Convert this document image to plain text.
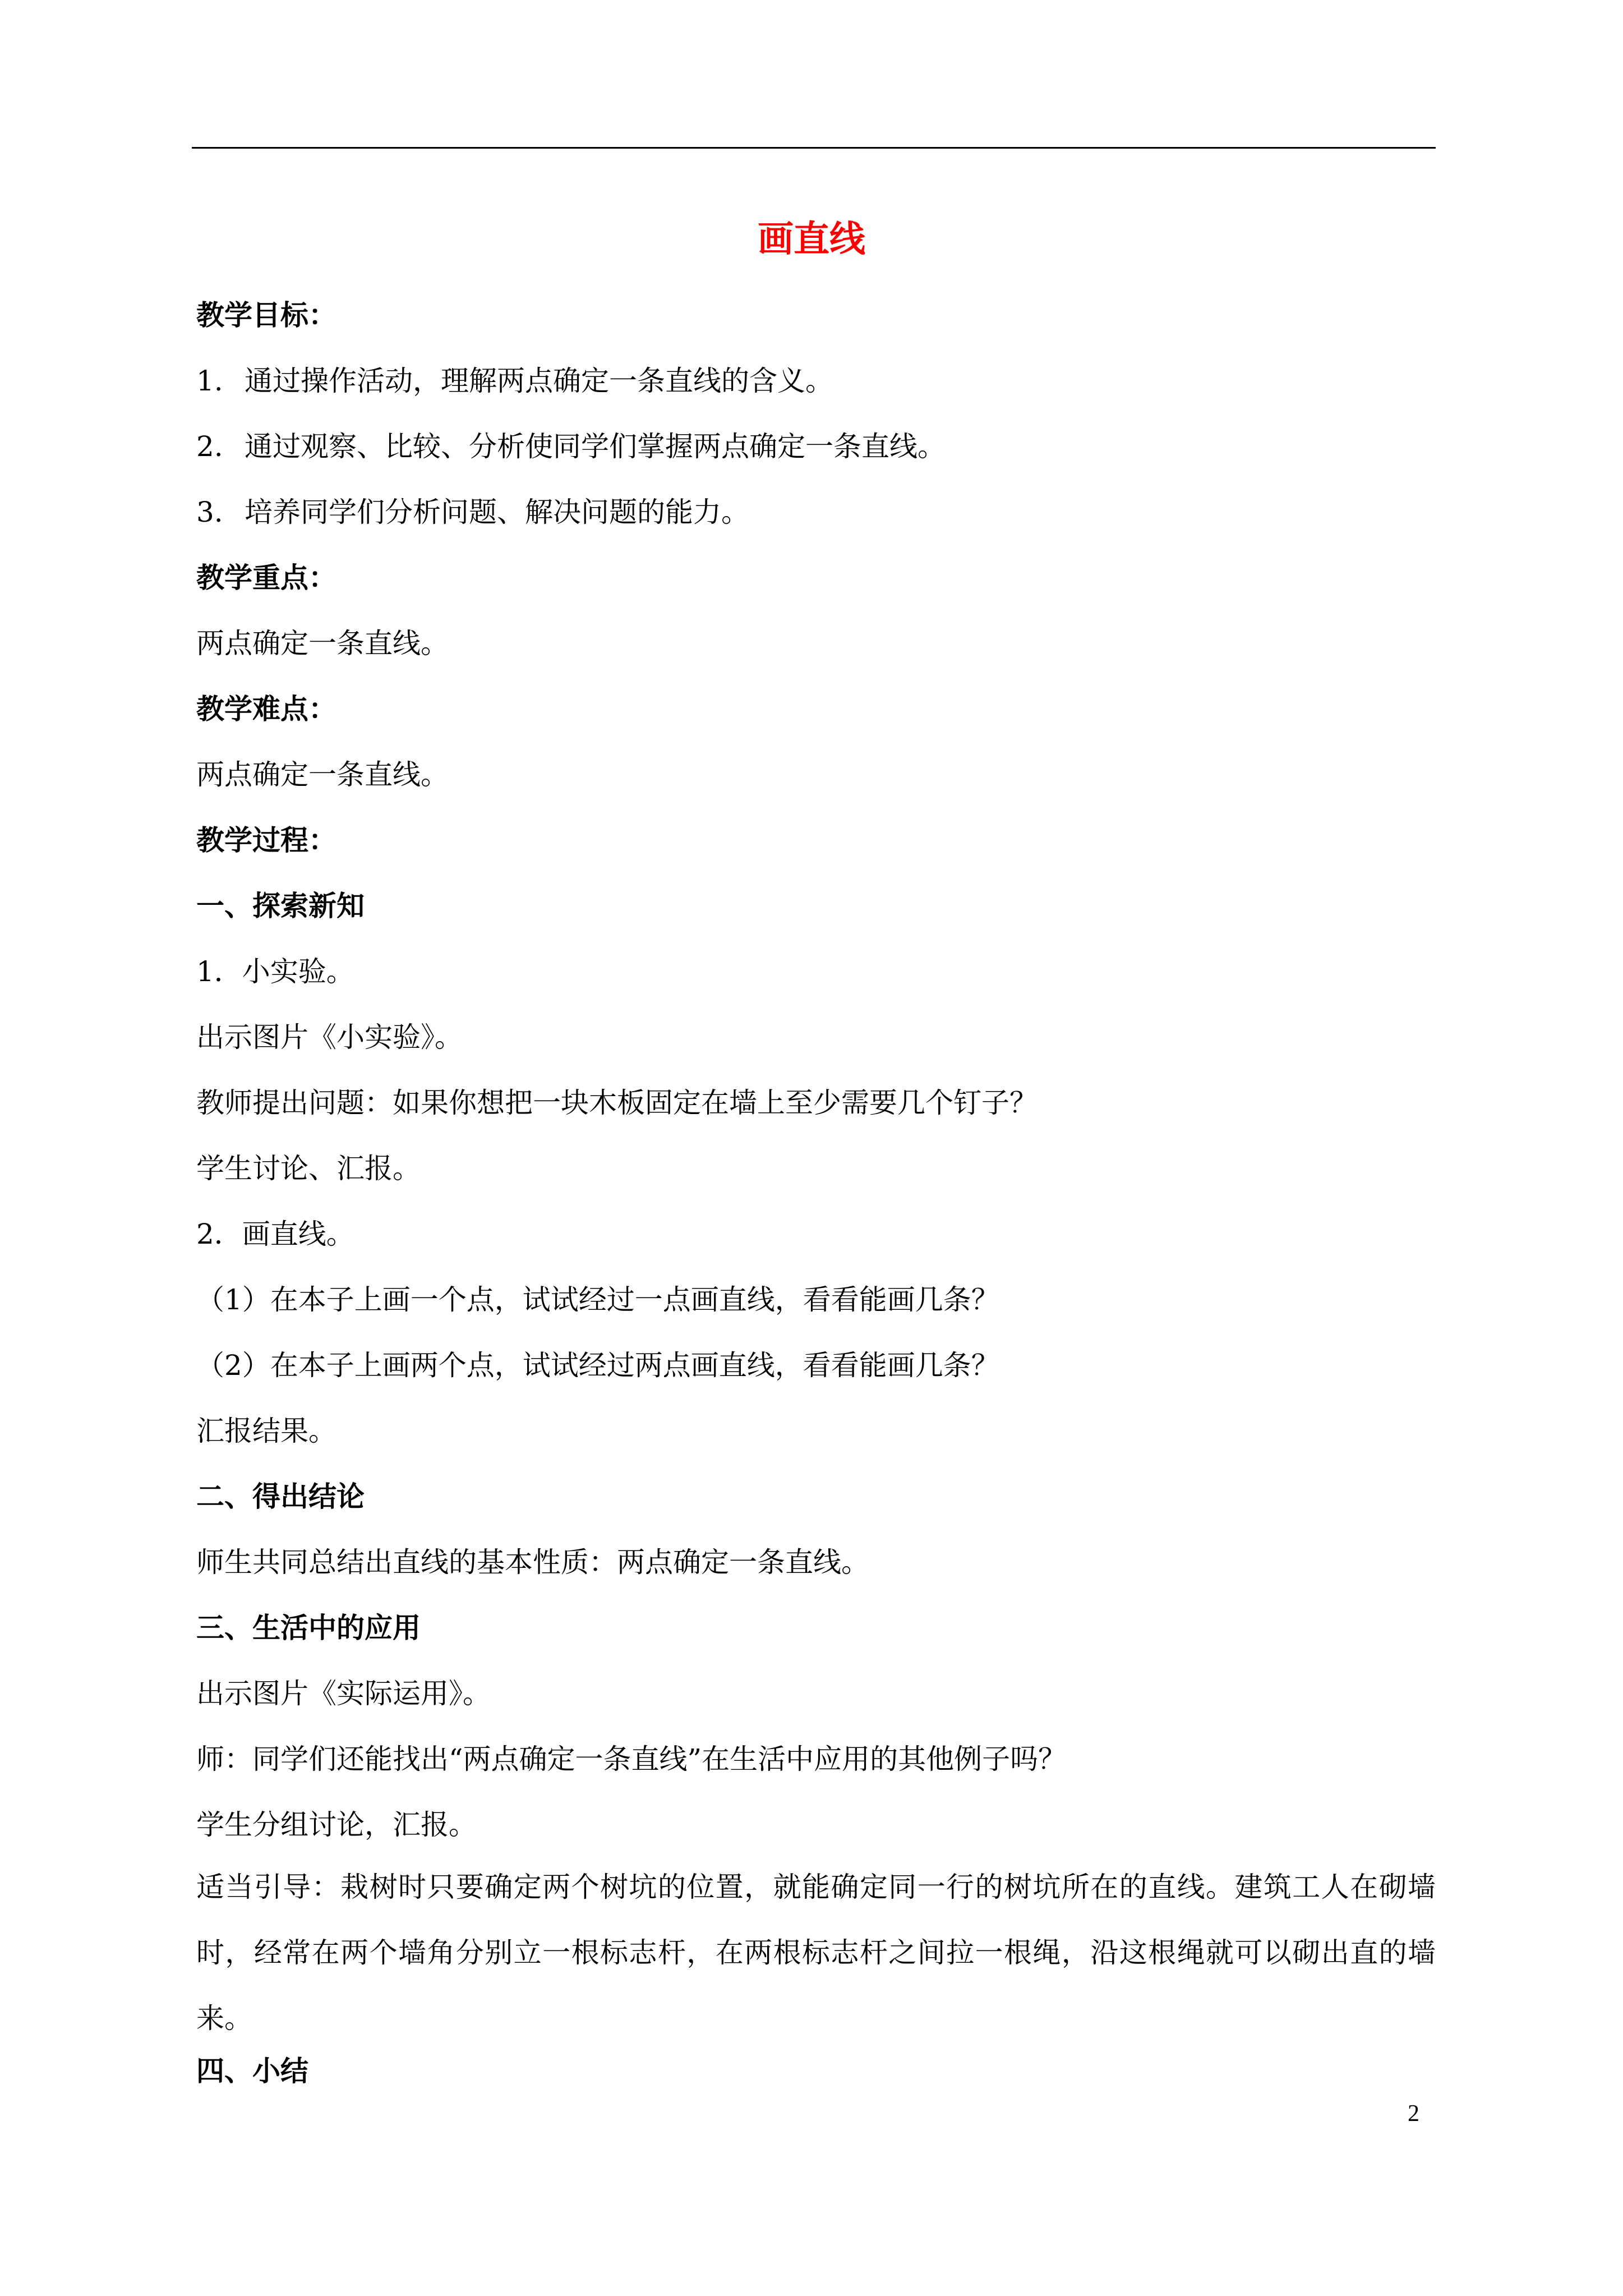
画直线
教学目标：
1. 通过操作活动，理解两点确定一条直线的含义。
2. 通过观察、比较、分析使同学们掌握两点确定一条直线。
3. 培养同学们分析问题、解决问题的能力。
教学重点：
两点确定一条直线。
教学难点：
两点确定一条直线。
教学过程：
一、探索新知
1．小实验。
出示图片《小实验》。
教师提出问题：如果你想把一块木板固定在墙上至少需要几个钉子？
学生讨论、汇报。
2．画直线。
（1）在本子上画一个点，试试经过一点画直线，看看能画几条？
（2）在本子上画两个点，试试经过两点画直线，看看能画几条？
汇报结果。
二、得出结论
师生共同总结出直线的基本性质：两点确定一条直线。
三、生活中的应用
出示图片《实际运用》。
师：同学们还能找出“两点确定一条直线”在生活中应用的其他例子吗？
学生分组讨论，汇报。
适当引导：栽树时只要确定两个树坑的位置，就能确定同一行的树坑所在的直线。建筑工人在砌墙时，经常在两个墙角分别立一根标志杆，在两根标志杆之间拉一根绳，沿这根绳就可以砌出直的墙来。
四、小结
2
